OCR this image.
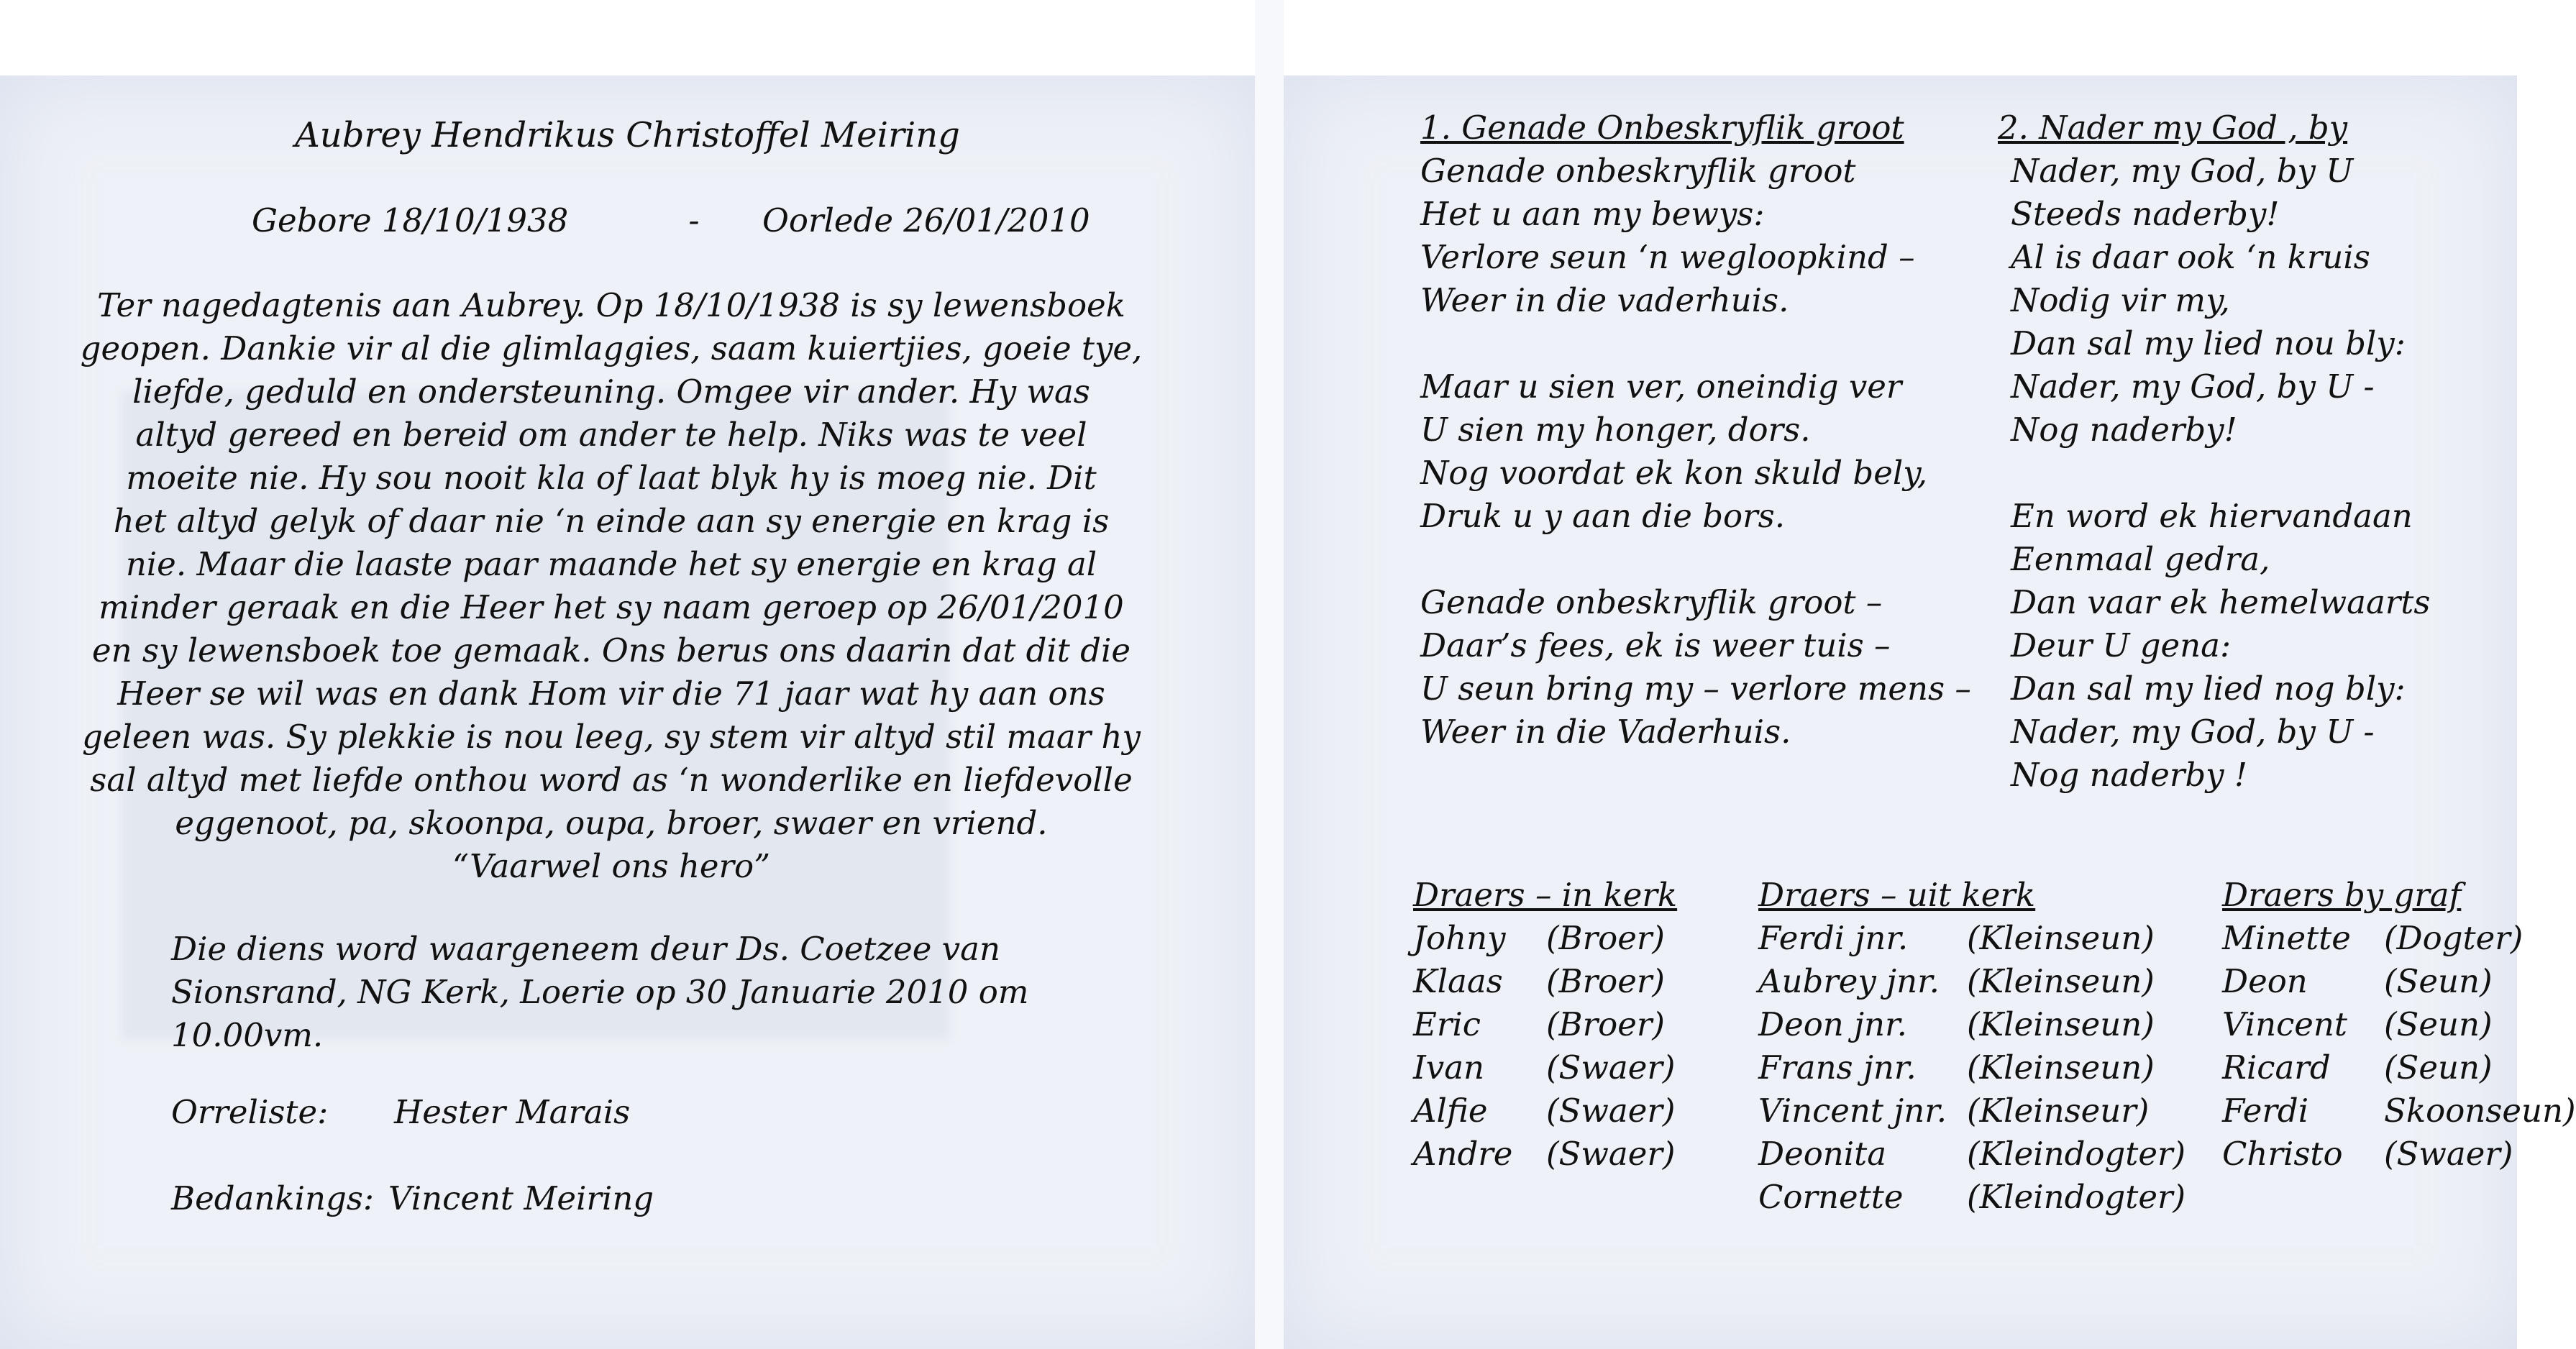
Aubrey Hendrikus Christoffel Meiring
Gebore 18/10/1938	- Oorlede 26/01/2010
Ter nagedagtenis aan Aubrey. Op 18/10/1938 is sy lewensboek
geopen. Dankie vir al die glimlaggies, saam kuiertjies, goeie tye,
liefde, geduld en ondersteuning. Omgee vir ander. Hy was
altyd gereed en bereid om ander te help. Niks was te veel
moeite nie. Hy sou nooit kla of laat blyk hy is moeg nie. Dit
het altyd gelyk of daar nie ‘n einde aan sy energie en krag is
nie. Maar die laaste paar maande het sy energie en krag al
minder geraak en die Heer het sy naam geroep op 26/01/2010
en sy lewensboek toe gemaak. Ons berus ons daarin dat dit die
Heer se wil was en dank Hom vir die 71 jaar wat hy aan ons
geleen was. Sy plekkie is nou leeg, sy stem vir altyd stil maar hy
sal altyd met liefde onthou word as ‘n wonderlike en liefdevolle
eggenoot, pa, skoonpa, oupa, broer, swaer en vriend.
“Vaarwel ons hero”
Die diens word waargeneem deur Ds. Coetzee van
Sionsrand, NG Kerk, Loerie op 30 Januarie 2010 om
10.00vm.
Orreliste: Hester Marais
Bedankings: Vincent Meiring
1. Genade Onbeskryflik groot
Genade onbeskryflik groot
Het u aan my bewys:
Verlore seun ‘n wegloopkind –
Weer in die vaderhuis.
Maar u sien ver, oneindig ver
U sien my honger, dors.
Nog voordat ek kon skuld bely,
Druk u y aan die bors.
Genade onbeskryflik groot –
Daar’s fees, ek is weer tuis –
U seun bring my – verlore mens –
Weer in die Vaderhuis.
2. Nader my God , by
Nader, my God, by U
Steeds naderby!
Al is daar ook ‘n kruis
Nodig vir my,
Dan sal my lied nou bly:
Nader, my God, by U -
Nog naderby!
En word ek hiervandaan
Eenmaal gedra,
Dan vaar ek hemelwaarts
Deur U gena:
Dan sal my lied nog bly:
Nader, my God, by U -
Nog naderby !
Draers – in kerk
Johny (Broer)
Klaas (Broer)
Eric (Broer)
Ivan (Swaer)
Alfie (Swaer)
Andre (Swaer)
Draers – uit kerk
Ferdi jnr. (Kleinseun)
Aubrey jnr. (Kleinseun)
Deon jnr. (Kleinseun)
Frans jnr. (Kleinseun)
Vincent jnr. (Kleinseur)
Deonita (Kleindogter)
Cornette (Kleindogter)
Draers by graf
Minette (Dogter)
Deon (Seun)
Vincent (Seun)
Ricard (Seun)
Ferdi Skoonseun)
Christo (Swaer)
